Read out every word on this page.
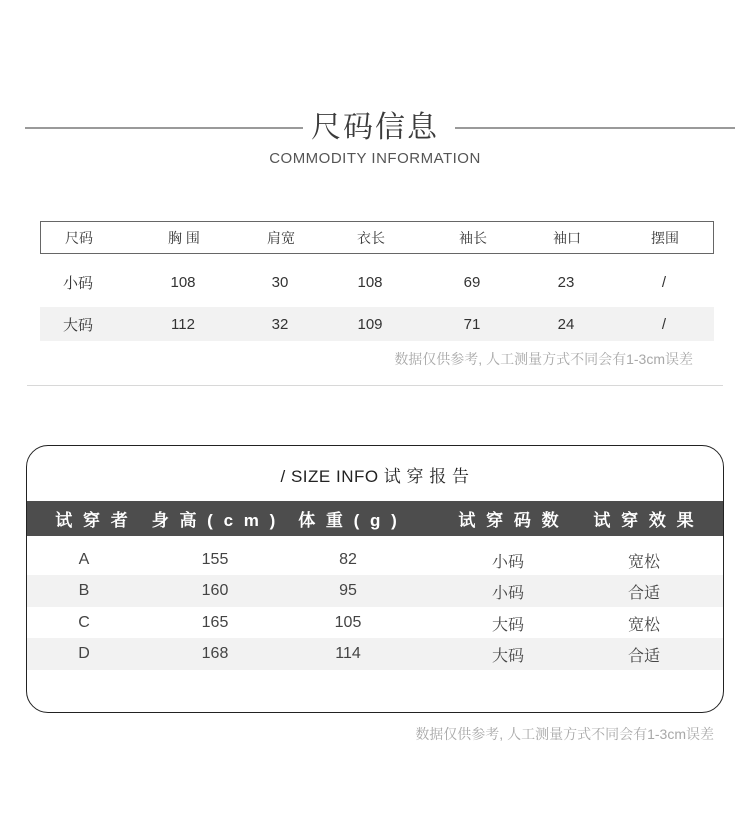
尺码信息
COMMODITY INFORMATION
尺码	胸 围	肩宽	衣长	袖长	袖口	摆围
小码	108	30	108	69	23	/
大码	112	32	109	71	24	/
数据仅供参考, 人工测量方式不同会有1-3cm误差
/ SIZE INFO 试 穿 报 告
试 穿 者	身 高 ( c m )	体 重 ( g )	试 穿 码 数	试 穿 效 果
A	155	82	小码	宽松
B	160	95	小码	合适
C	165	105	大码	宽松
D	168	114	大码	合适
数据仅供参考, 人工测量方式不同会有1-3cm误差
